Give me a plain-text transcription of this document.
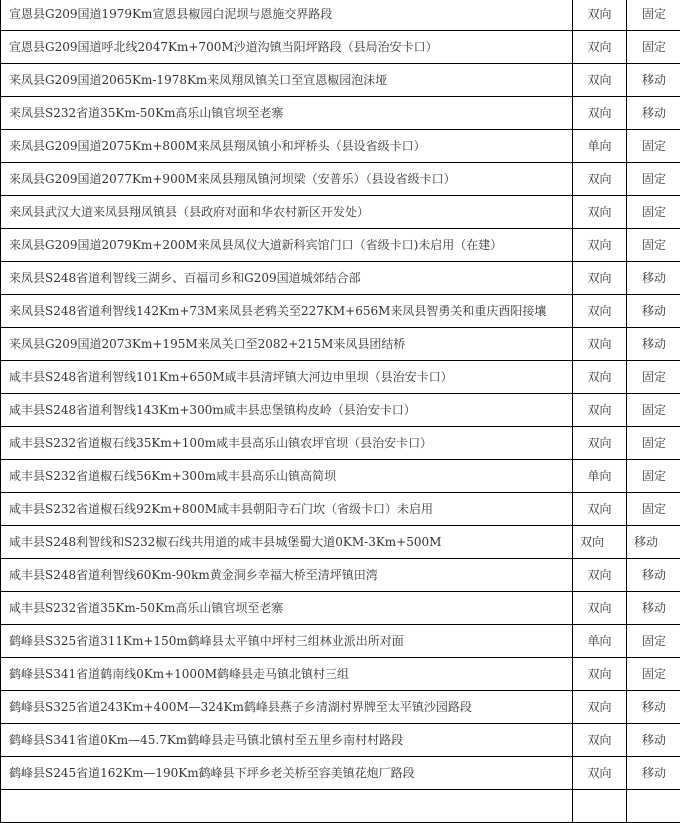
宣恩县G209国道1979Km宣恩县椒园白泥坝与恩施交界路段	双向	固定
宣恩县G209国道呼北线2047Km+700M沙道沟镇当阳坪路段（县局治安卡口）	双向	固定
来凤县G209国道2065Km-1978Km来凤翔凤镇关口至宣恩椒园泡沫垭	双向	移动
来凤县S232省道35Km-50Km高乐山镇官坝至老寨	双向	移动
来凤县G209国道2075Km+800M来凤县翔凤镇小和坪桥头（县设省级卡口）	单向	固定
来凤县G209国道2077Km+900M来凤县翔凤镇河坝梁（安普乐）（县设省级卡口）	双向	固定
来凤县武汉大道来凤县翔凤镇县（县政府对面和华农村新区开发处）	双向	固定
来凤县G209国道2079Km+200M来凤县凤仪大道新科宾馆门口（省级卡口)未启用（在建）	双向	固定
来凤县S248省道利智线三湖乡、百福司乡和G209国道城郊结合部	双向	移动
来凤县S248省道利智线142Km+73M来凤县老鸦关至227KM+656M来凤县智勇关和重庆酉阳接壤	双向	移动
来凤县G209国道2073Km+195M来凤关口至2082+215M来凤县团结桥	双向	移动
咸丰县S248省道利智线101Km+650M咸丰县清坪镇大河边申里坝（县治安卡口）	双向	固定
咸丰县S248省道利智线143Km+300m咸丰县忠堡镇构皮岭（县治安卡口）	双向	固定
咸丰县S232省道椒石线35Km+100m咸丰县高乐山镇农坪官坝（县治安卡口）	双向	固定
咸丰县S232省道椒石线56Km+300m咸丰县高乐山镇高简坝	单向	固定
咸丰县S232省道椒石线92Km+800M咸丰县朝阳寺石门坎（省级卡口）未启用	双向	固定
咸丰县S248利智线和S232椒石线共用道的咸丰县城堡蜀大道0KM-3Km+500M	双向	移动
咸丰县S248省道利智线60Km-90km黄金洞乡幸福大桥至清坪镇田湾	双向	移动
咸丰县S232省道35Km-50Km高乐山镇官坝至老寨	双向	移动
鹤峰县S325省道311Km+150m鹤峰县太平镇中坪村三组林业派出所对面	单向	固定
鹤峰县S341省道鹤南线0Km+1000M鹤峰县走马镇北镇村三组	双向	固定
鹤峰县S325省道243Km+400M—324Km鹤峰县燕子乡清湖村界牌至太平镇沙园路段	双向	移动
鹤峰县S341省道0Km—45.7Km鹤峰县走马镇北镇村至五里乡南村村路段	双向	移动
鹤峰县S245省道162Km—190Km鹤峰县下坪乡老关桥至容美镇花炮厂路段	双向	移动
